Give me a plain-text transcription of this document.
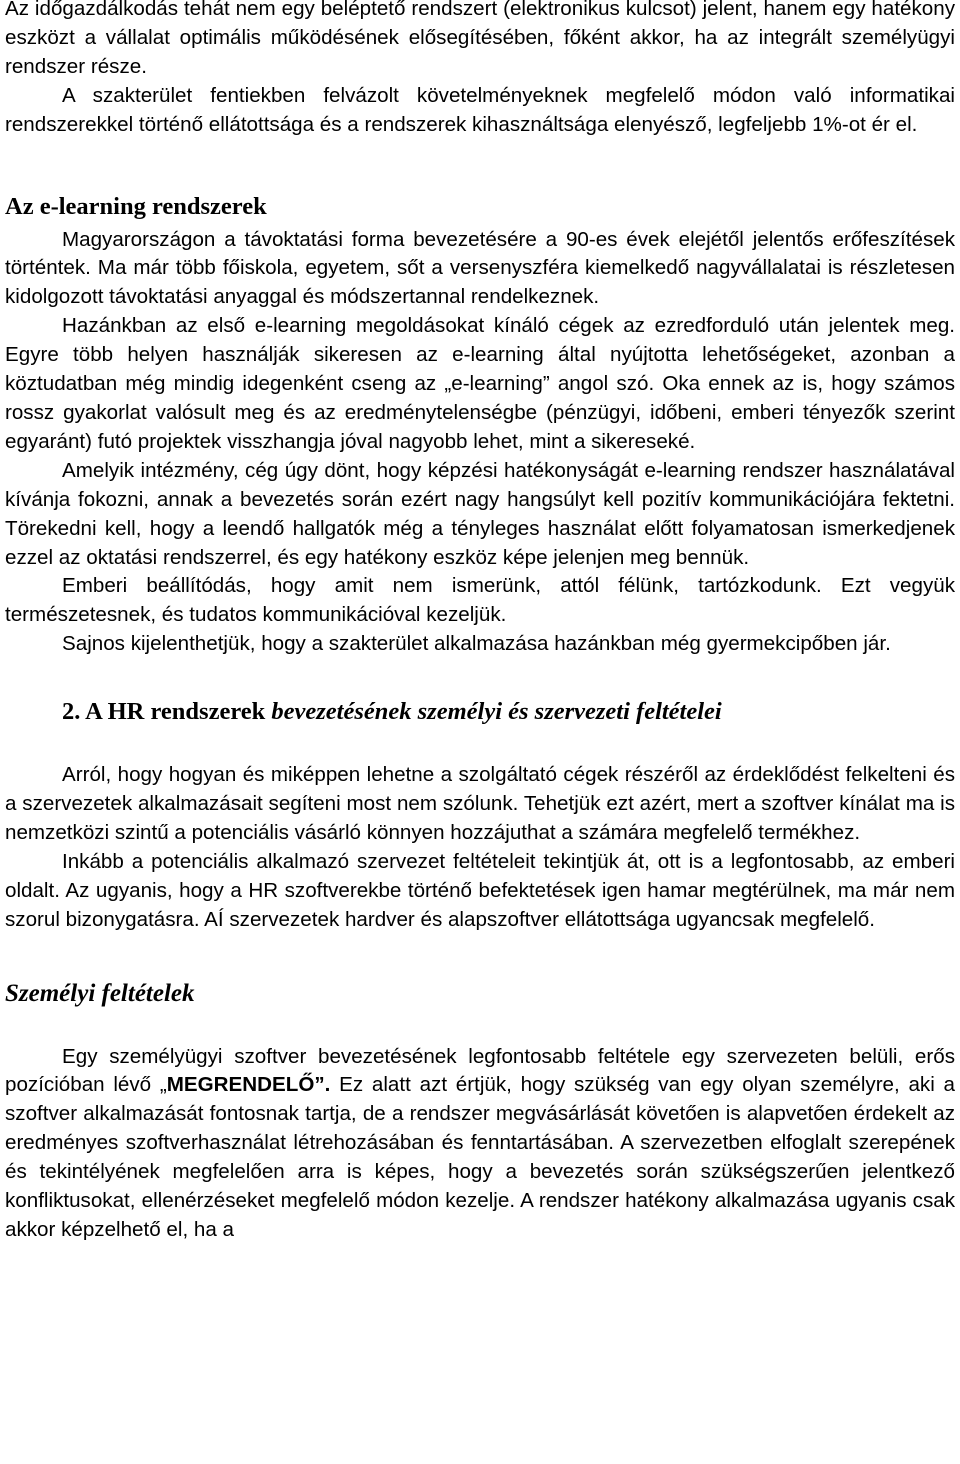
Az időgazdálkodás tehát nem egy beléptető rendszert (elektronikus kulcsot) jelent, hanem egy hatékony eszközt a vállalat optimális működésének elősegítésében, főként akkor, ha az integrált személyügyi rendszer része.

A szakterület fentiekben felvázolt követelményeknek megfelelő módon való informatikai rendszerekkel történő ellátottsága és a rendszerek kihasználtsága elenyésző, legfeljebb 1%-ot ér el.

Az e-learning rendszerek

Magyarországon a távoktatási forma bevezetésére a 90-es évek elejétől jelentős erőfeszítések történtek. Ma már több főiskola, egyetem, sőt a versenyszféra kiemelkedő nagyvállalatai is részletesen kidolgozott távoktatási anyaggal és módszertannal rendelkeznek.

Hazánkban az első e-learning megoldásokat kínáló cégek az ezredforduló után jelentek meg. Egyre több helyen használják sikeresen az e-learning által nyújtotta lehetőségeket, azonban a köztudatban még mindig idegenként cseng az „e-learning” angol szó. Oka ennek az is, hogy számos rossz gyakorlat valósult meg és az eredménytelenségbe (pénzügyi, időbeni, emberi tényezők szerint egyaránt) futó projektek visszhangja jóval nagyobb lehet, mint a sikereseké.

Amelyik intézmény, cég úgy dönt, hogy képzési hatékonyságát e-learning rendszer használatával kívánja fokozni, annak a bevezetés során ezért nagy hangsúlyt kell pozitív kommunikációjára fektetni. Törekedni kell, hogy a leendő hallgatók még a tényleges használat előtt folyamatosan ismerkedjenek ezzel az oktatási rendszerrel, és egy hatékony eszköz képe jelenjen meg bennük.

Emberi beállítódás, hogy amit nem ismerünk, attól félünk, tartózkodunk. Ezt vegyük természetesnek, és tudatos kommunikációval kezeljük.

Sajnos kijelenthetjük, hogy a szakterület alkalmazása hazánkban még gyermekcipőben jár.

2. A HR rendszerek bevezetésének személyi és szervezeti feltételei

Arról, hogy hogyan és miképpen lehetne a szolgáltató cégek részéről az érdeklődést felkelteni és a szervezetek alkalmazásait segíteni most nem szólunk. Tehetjük ezt azért, mert a szoftver kínálat ma is nemzetközi szintű a potenciális vásárló könnyen hozzájuthat a számára megfelelő termékhez.

Inkább a potenciális alkalmazó szervezet feltételeit tekintjük át, ott is a legfontosabb, az emberi oldalt. Az ugyanis, hogy a HR szoftverekbe történő befektetések igen hamar megtérülnek, ma már nem szorul bizonygatásra. AÍ szervezetek hardver és alapszoftver ellátottsága ugyancsak megfelelő.

Személyi feltételek

Egy személyügyi szoftver bevezetésének legfontosabb feltétele egy szervezeten belüli, erős pozícióban lévő „MEGRENDELŐ”. Ez alatt azt értjük, hogy szükség van egy olyan személyre, aki a szoftver alkalmazását fontosnak tartja, de a rendszer megvásárlását követően is alapvetően érdekelt az eredményes szoftverhasználat létrehozásában és fenntartásában. A szervezetben elfoglalt szerepének és tekintélyének megfelelően arra is képes, hogy a bevezetés során szükségszerűen jelentkező konfliktusokat, ellenérzéseket megfelelő módon kezelje. A rendszer hatékony alkalmazása ugyanis csak akkor képzelhető el, ha a
